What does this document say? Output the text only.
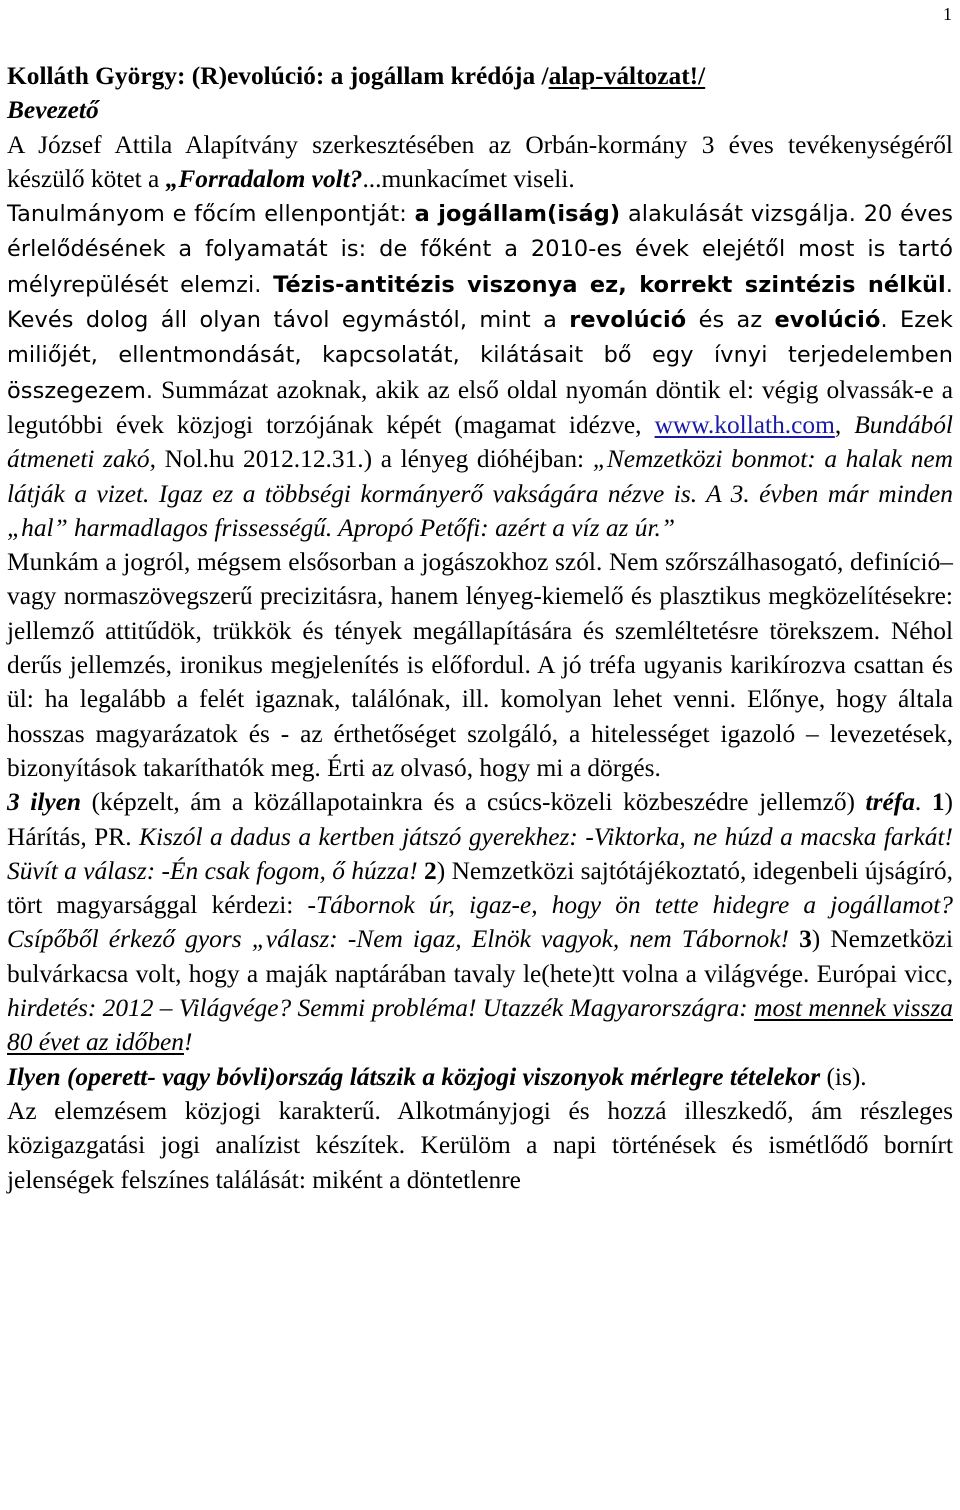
1

Kolláth György: (R)evolúció: a jogállam krédója /alap-változat!/

Bevezető

A József Attila Alapítvány szerkesztésében az Orbán-kormány 3 éves tevékenységéről készülő kötet a „Forradalom volt?...munkacímet viseli.
Tanulmányom e főcím ellenpontját: a jogállam(iság) alakulását vizsgálja. 20 éves érlelődésének a folyamatát is: de főként a 2010-es évek elejétől most is tartó mélyrepülését elemzi. Tézis-antitézis viszonya ez, korrekt szintézis nélkül. Kevés dolog áll olyan távol egymástól, mint a revolúció és az evolúció. Ezek miliőjét, ellentmondását, kapcsolatát, kilátásait bő egy ívnyi terjedelemben összegezem. Summázat azoknak, akik az első oldal nyomán döntik el: végig olvassák-e a legutóbbi évek közjogi torzójának képét (magamat idézve, www.kollath.com, Bundából átmeneti zakó, Nol.hu 2012.12.31.) a lényeg dióhéjban: „Nemzetközi bonmot: a halak nem látják a vizet. Igaz ez a többségi kormányerő vakságára nézve is. A 3. évben már minden „hal” harmadlagos frissességű. Apropó Petőfi: azért a víz az úr.”

Munkám a jogról, mégsem elsősorban a jogászokhoz szól. Nem szőrszálhasogató, definíció– vagy normaszövegszerű precizitásra, hanem lényeg-kiemelő és plasztikus megközelítésekre: jellemző attitűdök, trükkök és tények megállapítására és szemléltetésre törekszem. Néhol derűs jellemzés, ironikus megjelenítés is előfordul. A jó tréfa ugyanis karikírozva csattan és ül: ha legalább a felét igaznak, találónak, ill. komolyan lehet venni. Előnye, hogy általa hosszas magyarázatok és - az érthetőséget szolgáló, a hitelességet igazoló – levezetések, bizonyítások takaríthatók meg. Érti az olvasó, hogy mi a dörgés.

3 ilyen (képzelt, ám a közállapotainkra és a csúcs-közeli közbeszédre jellemző) tréfa. 1) Hárítás, PR. Kiszól a dadus a kertben játszó gyerekhez: -Viktorka, ne húzd a macska farkát! Süvít a válasz: -Én csak fogom, ő húzza! 2) Nemzetközi sajtótájékoztató, idegenbeli újságíró, tört magyarsággal kérdezi: -Tábornok úr, igaz-e, hogy ön tette hidegre a jogállamot? Csípőből érkező gyors „válasz: -Nem igaz, Elnök vagyok, nem Tábornok! 3) Nemzetközi bulvárkacsa volt, hogy a maják naptárában tavaly le(hete)tt volna a világvége. Európai vicc, hirdetés: 2012 – Világvége? Semmi probléma! Utazzék Magyarországra: most mennek vissza 80 évet az időben!

Ilyen (operett- vagy bóvli)ország látszik a közjogi viszonyok mérlegre tételekor (is).

Az elemzésem közjogi karakterű. Alkotmányjogi és hozzá illeszkedő, ám részleges közigazgatási jogi analízist készítek. Kerülöm a napi történések és ismétlődő bornírt jelenségek felszínes találását: miként a döntetlenre
